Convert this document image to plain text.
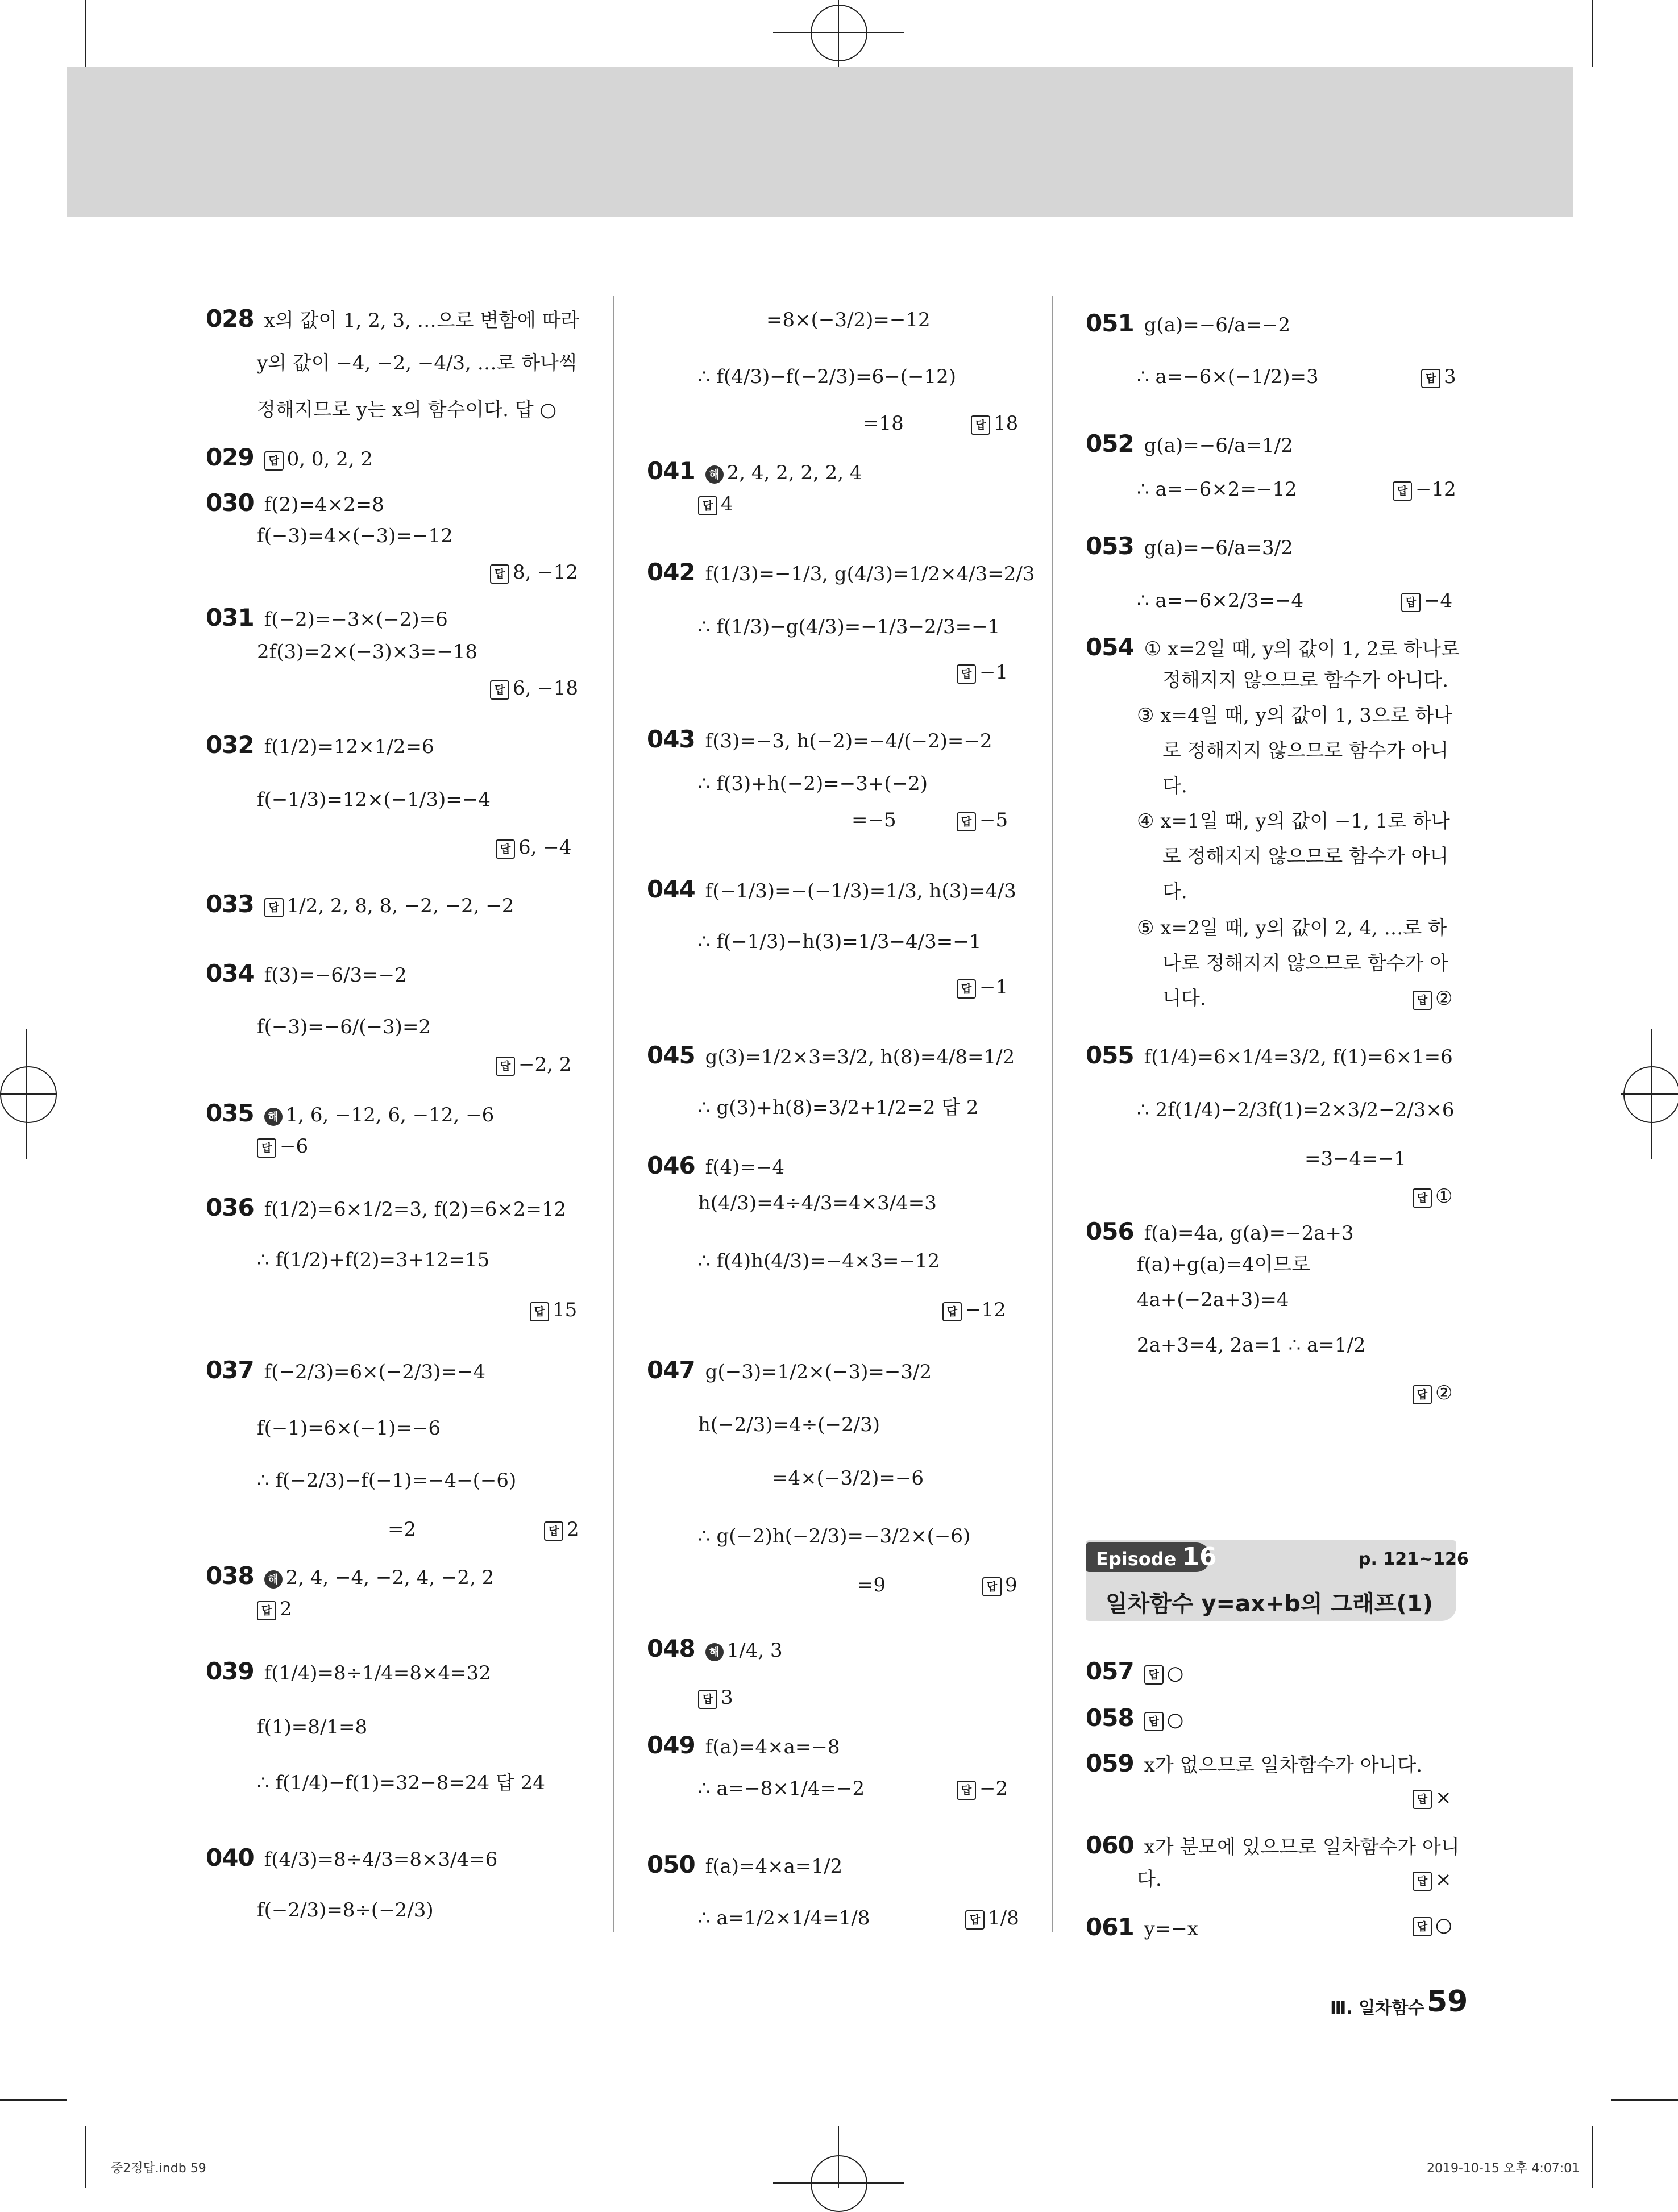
028 x의 값이 1, 2, 3, …으로 변함에 따라
y의 값이 −4, −2, −4/3, …로 하나씩
정해지므로 y는 x의 함수이다. 답 ○
029 답 0, 0, 2, 2
030 f(2)=4×2=8
f(−3)=4×(−3)=−12
답 8, −12
031 f(−2)=−3×(−2)=6
2f(3)=2×(−3)×3=−18
답 6, −18
032 f(1/2)=12×1/2=6
f(−1/3)=12×(−1/3)=−4
답 6, −4
033 답 1/2, 2, 8, 8, −2, −2, −2
034 f(3)=−6/3=−2
f(−3)=−6/(−3)=2
답 −2, 2
035 해 1, 6, −12, 6, −12, −6
답 −6
036 f(1/2)=6×1/2=3, f(2)=6×2=12
∴ f(1/2)+f(2)=3+12=15
답 15
037 f(−2/3)=6×(−2/3)=−4
f(−1)=6×(−1)=−6
∴ f(−2/3)−f(−1)=−4−(−6)
=2	답 2
038 해 2, 4, −4, −2, 4, −2, 2
답 2
039 f(1/4)=8÷1/4=8×4=32
f(1)=8/1=8
∴ f(1/4)−f(1)=32−8=24 답 24
040 f(4/3)=8÷4/3=8×3/4=6
f(−2/3)=8÷(−2/3)
=8×(−3/2)=−12
∴ f(4/3)−f(−2/3)=6−(−12)
=18	답 18
041 해 2, 4, 2, 2, 2, 4
답 4
042 f(1/3)=−1/3, g(4/3)=1/2×4/3=2/3
∴ f(1/3)−g(4/3)=−1/3−2/3=−1
답 −1
043 f(3)=−3, h(−2)=−4/(−2)=−2
∴ f(3)+h(−2)=−3+(−2)
=−5	답 −5
044 f(−1/3)=−(−1/3)=1/3, h(3)=4/3
∴ f(−1/3)−h(3)=1/3−4/3=−1
답 −1
045 g(3)=1/2×3=3/2, h(8)=4/8=1/2
∴ g(3)+h(8)=3/2+1/2=2 답 2
046 f(4)=−4
h(4/3)=4÷4/3=4×3/4=3
∴ f(4)h(4/3)=−4×3=−12
답 −12
047 g(−3)=1/2×(−3)=−3/2
h(−2/3)=4÷(−2/3)
=4×(−3/2)=−6
∴ g(−2)h(−2/3)=−3/2×(−6)
=9	답 9
048 해 1/4, 3
답 3
049 f(a)=4×a=−8
∴ a=−8×1/4=−2	답 −2
050 f(a)=4×a=1/2
∴ a=1/2×1/4=1/8	답 1/8
051 g(a)=−6/a=−2
∴ a=−6×(−1/2)=3	답 3
052 g(a)=−6/a=1/2
∴ a=−6×2=−12	답 −12
053 g(a)=−6/a=3/2
∴ a=−6×2/3=−4	답 −4
054 ① x=2일 때, y의 값이 1, 2로 하나로
정해지지 않으므로 함수가 아니다.
③ x=4일 때, y의 값이 1, 3으로 하나
로 정해지지 않으므로 함수가 아니
다.
④ x=1일 때, y의 값이 −1, 1로 하나
로 정해지지 않으므로 함수가 아니
다.
⑤ x=2일 때, y의 값이 2, 4, …로 하
나로 정해지지 않으므로 함수가 아
니다.	답 ②
055 f(1/4)=6×1/4=3/2, f(1)=6×1=6
∴ 2f(1/4)−2/3f(1)=2×3/2−2/3×6
=3−4=−1
답 ①
056 f(a)=4a, g(a)=−2a+3
f(a)+g(a)=4이므로
4a+(−2a+3)=4
2a+3=4, 2a=1 ∴ a=1/2
답 ②
057 답 ○
058 답 ○
059 x가 없으므로 일차함수가 아니다.
답 ×
060 x가 분모에 있으므로 일차함수가 아니
다.	답 ×
061 y=−x	답 ○
Episode 16	p. 121~126
일차함수 y=ax+b의 그래프(1)
Ⅲ. 일차함수 59
중2정답.indb 59	2019-10-15 오후 4:07:01
